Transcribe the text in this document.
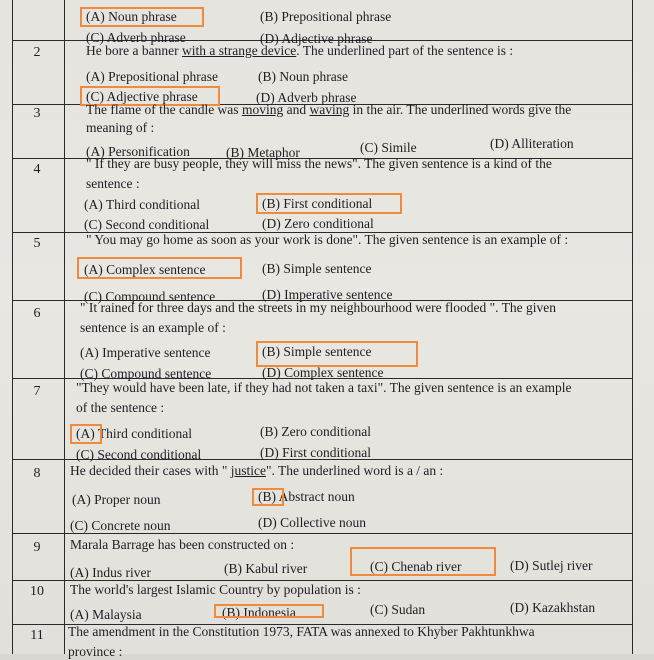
(A) Noun phrase	(B) Prepositional phrase
(C) Adverb phrase	(D) Adjective phrase
2	He bore a banner with a strange device. The underlined part of the sentence is :
(A) Prepositional phrase	(B) Noun phrase
(C) Adjective phrase	(D) Adverb phrase
3	The flame of the candle was moving and waving in the air. The underlined words give the
meaning of :
(A) Personification	(B) Metaphor	(C) Simile	(D) Alliteration
4	" If they are busy people, they will miss the news". The given sentence is a kind of the
sentence :
(A) Third conditional	(B) First conditional
(C) Second conditional	(D) Zero conditional
5	" You may go home as soon as your work is done". The given sentence is an example of :
(A) Complex sentence	(B) Simple sentence
(C) Compound sentence	(D) Imperative sentence
6	" It rained for three days and the streets in my neighbourhood were flooded ". The given
sentence is an example of :
(A) Imperative sentence	(B) Simple sentence
(C) Compound sentence	(D) Complex sentence
7	"They would have been late, if they had not taken a taxi". The given sentence is an example
of the sentence :
(A) Third conditional	(B) Zero conditional
(C) Second conditional	(D) First conditional
8	He decided their cases with " justice". The underlined word is a / an :
(A) Proper noun	(B) Abstract noun
(C) Concrete noun	(D) Collective noun
9	Marala Barrage has been constructed on :
(A) Indus river	(B) Kabul river	(C) Chenab river	(D) Sutlej river
10	The world's largest Islamic Country by population is :
(A) Malaysia	(B) Indonesia	(C) Sudan	(D) Kazakhstan
11	The amendment in the Constitution 1973, FATA was annexed to Khyber Pakhtunkhwa
province :
